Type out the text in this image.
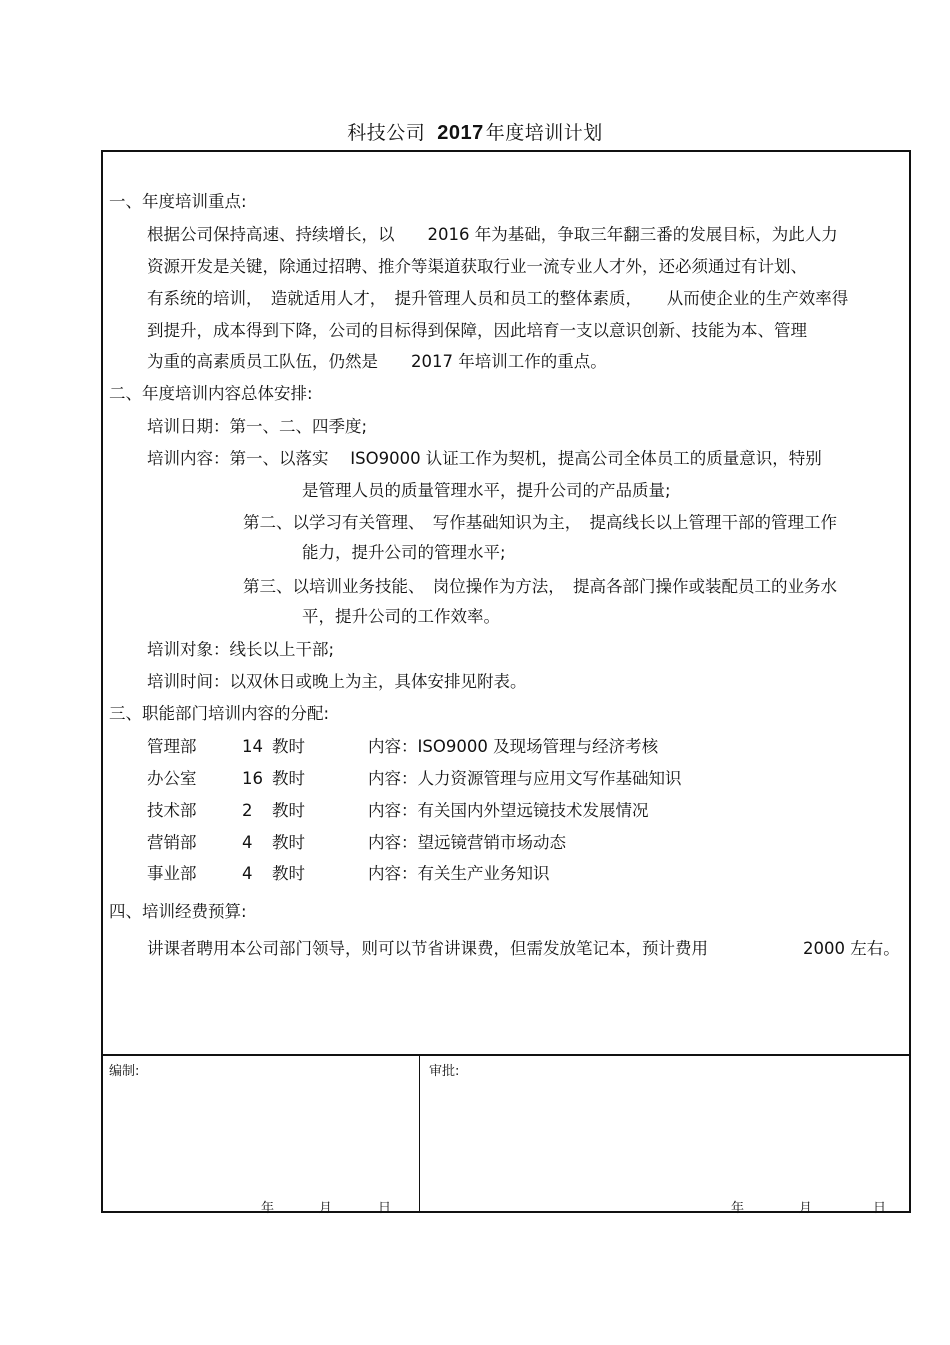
科技公司 2017 年度培训计划
一、年度培训重点:
根据公司保持高速、持续增长，以　　2016 年为基础，争取三年翻三番的发展目标，为此人力
资源开发是关键，除通过招聘、推介等渠道获取行业一流专业人才外，还必须通过有计划、
有系统的培训，　造就适用人才，　提升管理人员和员工的整体素质，　　从而使企业的生产效率得
到提升，成本得到下降，公司的目标得到保障，因此培育一支以意识创新、技能为本、管理
为重的高素质员工队伍，仍然是　　2017 年培训工作的重点。
二、年度培训内容总体安排:
培训日期：第一、二、四季度;
培训内容：第一、以落实　 ISO9000 认证工作为契机，提高公司全体员工的质量意识，特别
是管理人员的质量管理水平，提升公司的产品质量;
第二、以学习有关管理、　写作基础知识为主，　提高线长以上管理干部的管理工作
能力，提升公司的管理水平;
第三、以培训业务技能、　岗位操作为方法，　提高各部门操作或装配员工的业务水
平，提升公司的工作效率。
培训对象：线长以上干部;
培训时间：以双休日或晚上为主，具体安排见附表。
三、职能部门培训内容的分配:
管理部	14 教时	内容：ISO9000 及现场管理与经济考核
办公室	16 教时	内容：人力资源管理与应用文写作基础知识
技术部	2 教时	内容：有关国内外望远镜技术发展情况
营销部	4 教时	内容：望远镜营销市场动态
事业部	4 教时	内容：有关生产业务知识
四、培训经费预算:
讲课者聘用本公司部门领导，则可以节省讲课费，但需发放笔记本，预计费用	2000 左右。
编制:	审批:
年	月	日	年	月	日
